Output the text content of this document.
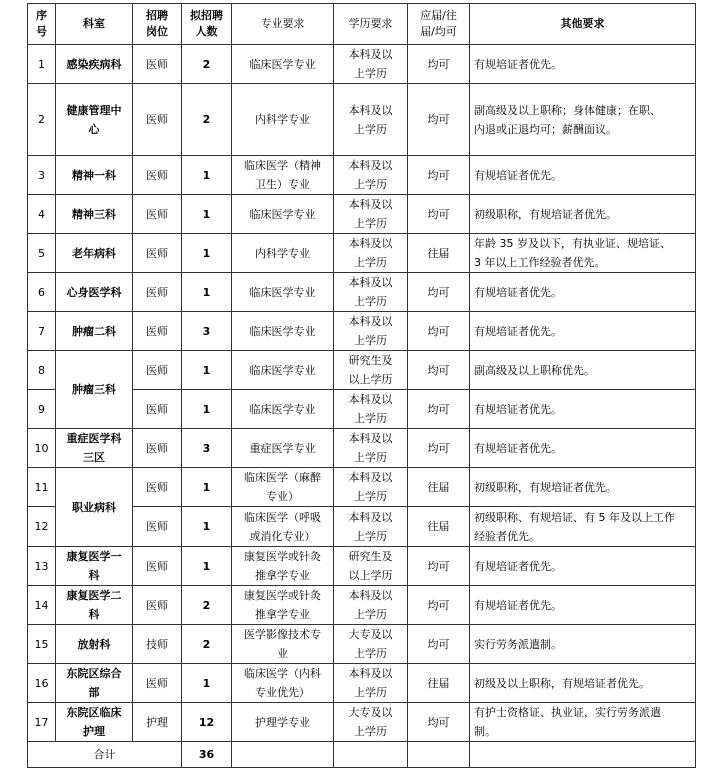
序
号	科室	招聘
岗位	拟招聘
人数	专业要求	学历要求	应届/往
届/均可	其他要求
1	感染疾病科	医师	2	临床医学专业	本科及以
上学历	均可	有规培证者优先。
2	健康管理中
心	医师	2	内科学专业	本科及以
上学历	均可	副高级及以上职称；身体健康；在职、
内退或正退均可；薪酬面议。
3	精神一科	医师	1	临床医学（精神
卫生）专业	本科及以
上学历	均可	有规培证者优先。
4	精神三科	医师	1	临床医学专业	本科及以
上学历	均可	初级职称，有规培证者优先。
5	老年病科	医师	1	内科学专业	本科及以
上学历	往届	年龄 35 岁及以下，有执业证、规培证、
3 年以上工作经验者优先。
6	心身医学科	医师	1	临床医学专业	本科及以
上学历	均可	有规培证者优先。
7	肿瘤二科	医师	3	临床医学专业	本科及以
上学历	均可	有规培证者优先。
8	肿瘤三科	医师	1	临床医学专业	研究生及
以上学历	均可	副高级及以上职称优先。
9		医师	1	临床医学专业	本科及以
上学历	均可	有规培证者优先。
10	重症医学科
三区	医师	3	重症医学专业	本科及以
上学历	均可	有规培证者优先。
11	职业病科	医师	1	临床医学（麻醉
专业）	本科及以
上学历	往届	初级职称，有规培证者优先。
12		医师	1	临床医学（呼吸
或消化专业）	本科及以
上学历	往届	初级职称、有规培证、有 5 年及以上工作
经验者优先。
13	康复医学一
科	医师	1	康复医学或针灸
推拿学专业	研究生及
以上学历	均可	有规培证者优先。
14	康复医学二
科	医师	2	康复医学或针灸
推拿学专业	本科及以
上学历	均可	有规培证者优先。
15	放射科	技师	2	医学影像技术专
业	大专及以
上学历	均可	实行劳务派遣制。
16	东院区综合
部	医师	1	临床医学（内科
专业优先）	本科及以
上学历	往届	初级及以上职称，有规培证者优先。
17	东院区临床
护理	护理	12	护理学专业	大专及以
上学历	均可	有护士资格证、执业证，实行劳务派遣
制。
合计			36				
